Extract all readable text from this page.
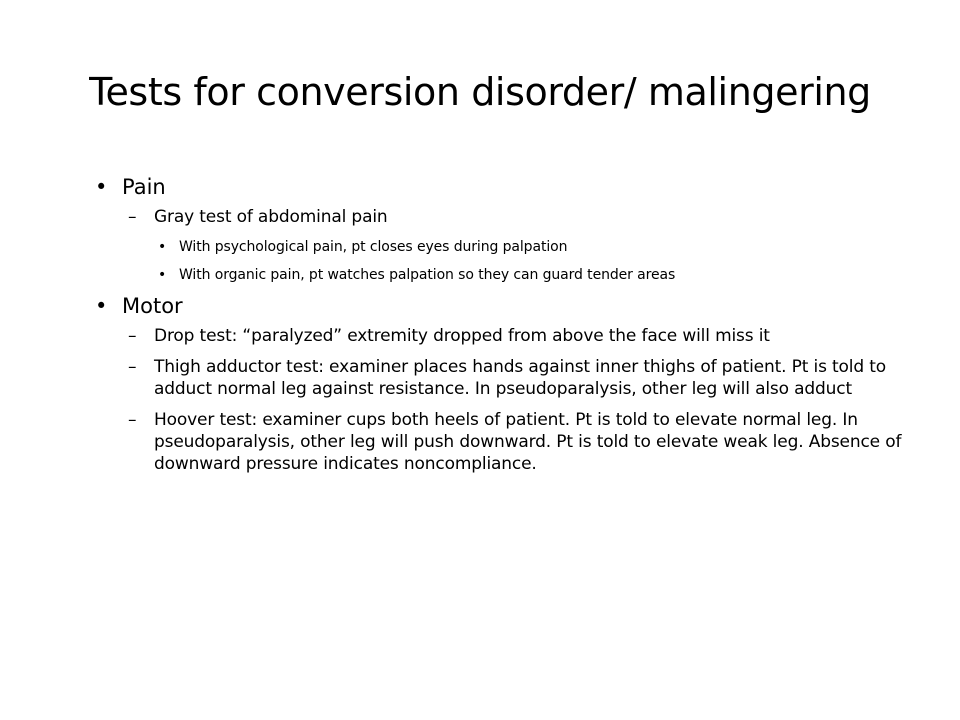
Tests for conversion disorder/ malingering
• Pain
– Gray test of abdominal pain
• With psychological pain, pt closes eyes during palpation
• With organic pain, pt watches palpation so they can guard tender areas
• Motor
– Drop test: “paralyzed” extremity dropped from above the face will miss it
– Thigh adductor test: examiner places hands against inner thighs of patient. Pt is told to adduct normal leg against resistance. In pseudoparalysis, other leg will also adduct
– Hoover test: examiner cups both heels of patient. Pt is told to elevate normal leg. In pseudoparalysis, other leg will push downward. Pt is told to elevate weak leg. Absence of downward pressure indicates noncompliance.
